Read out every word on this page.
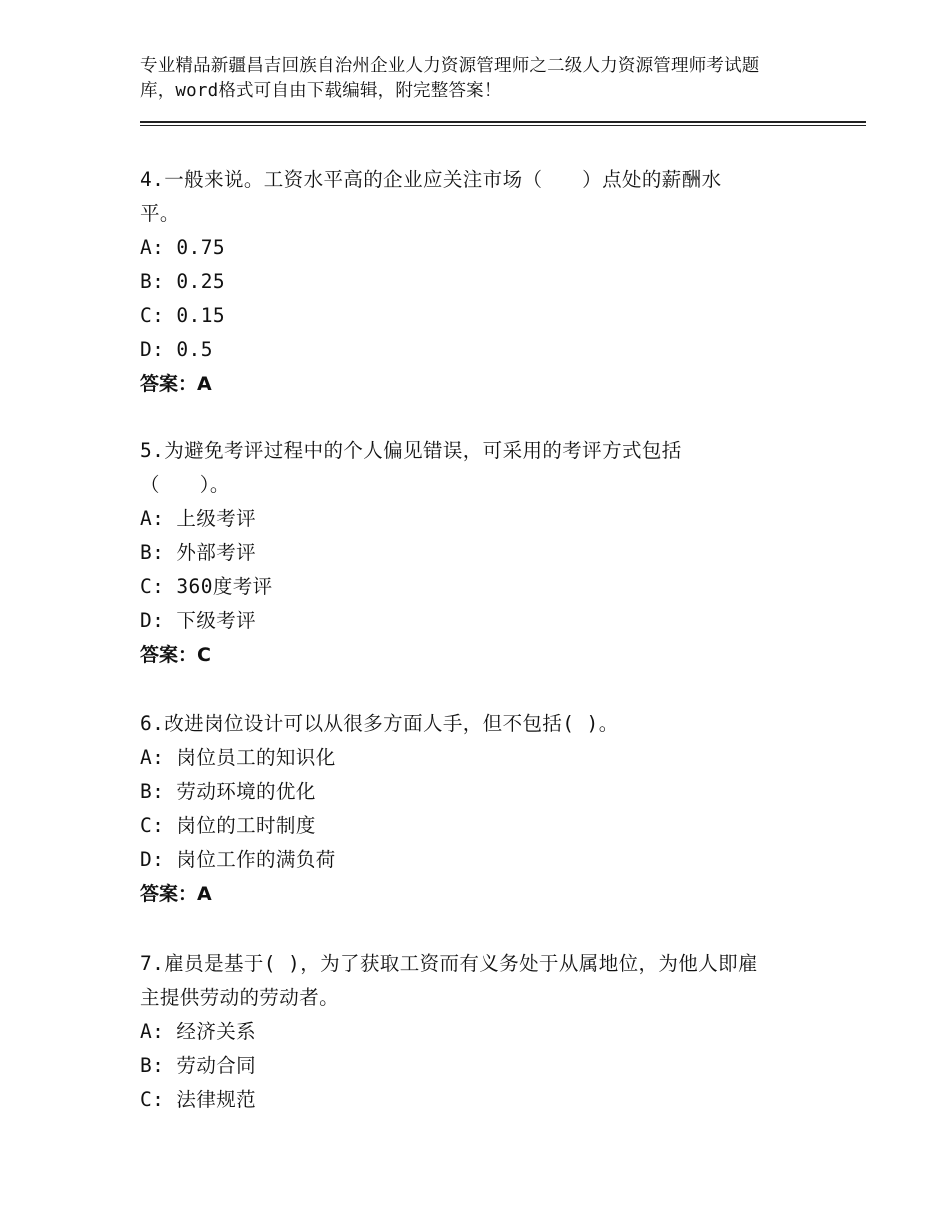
专业精品新疆昌吉回族自治州企业人力资源管理师之二级人力资源管理师考试题
库，word格式可自由下载编辑，附完整答案！
4.一般来说。工资水平高的企业应关注市场（　　）点处的薪酬水
平。
A: 0.75
B: 0.25
C: 0.15
D: 0.5
答案：A
5.为避免考评过程中的个人偏见错误，可采用的考评方式包括
（　　）。
A: 上级考评
B: 外部考评
C: 360度考评
D: 下级考评
答案：C
6.改进岗位设计可以从很多方面人手，但不包括( )。
A: 岗位员工的知识化
B: 劳动环境的优化
C: 岗位的工时制度
D: 岗位工作的满负荷
答案：A
7.雇员是基于( )，为了获取工资而有义务处于从属地位，为他人即雇
主提供劳动的劳动者。
A: 经济关系
B: 劳动合同
C: 法律规范
